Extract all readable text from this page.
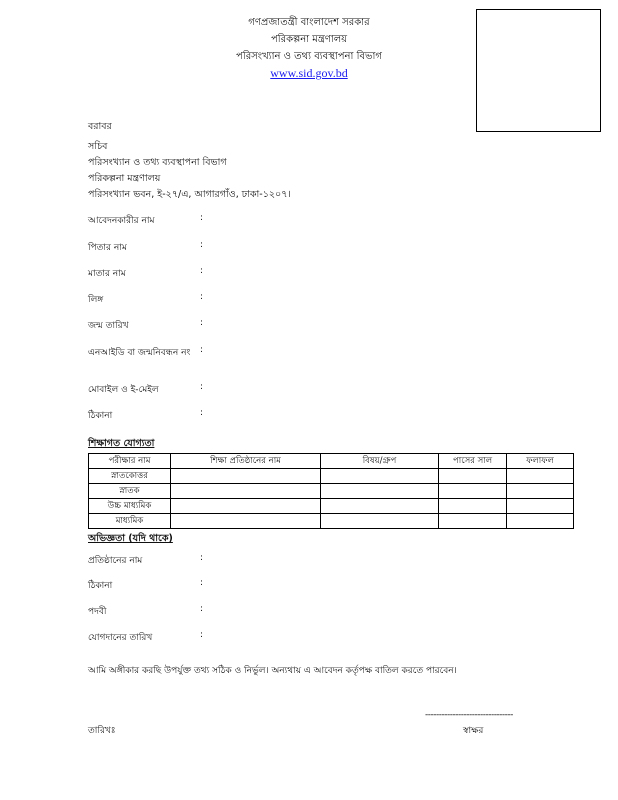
গণপ্রজাতন্ত্রী বাংলাদেশ সরকার
পরিকল্পনা মন্ত্রণালয়
পরিসংখ্যান ও তথ্য ব্যবস্থাপনা বিভাগ
www.sid.gov.bd
বরাবর
সচিব
পরিসংখ্যান ও তথ্য ব্যবস্থাপনা বিভাগ
পরিকল্পনা মন্ত্রণালয়
পরিসংখ্যান ভবন, ই-২৭/এ, আগারগাঁও, ঢাকা-১২০৭।
আবেদনকারীর নাম	:
পিতার নাম	:
মাতার নাম	:
লিঙ্গ	:
জন্ম তারিখ	:
এনআইডি বা জন্মনিবন্ধন নং :
মোবাইল ও ই-মেইল	:
ঠিকানা	:
শিক্ষাগত যোগ্যতা
পরীক্ষার নাম	শিক্ষা প্রতিষ্ঠানের নাম	বিষয়/গ্রুপ	পাসের সাল	ফলাফল
স্নাতকোত্তর				
স্নাতক				
উচ্চ মাধ্যমিক				
মাধ্যমিক				
অভিজ্ঞতা (যদি থাকে)
প্রতিষ্ঠানের নাম	:
ঠিকানা	:
পদবী	:
যোগদানের তারিখ	:
আমি অঙ্গীকার করছি উপর্যুক্ত তথ্য সঠিক ও নির্ভুল। অন্যথায় এ আবেদন কর্তৃপক্ষ বাতিল করতে পারবেন।
--------------------------------
তারিখঃ	স্বাক্ষর
